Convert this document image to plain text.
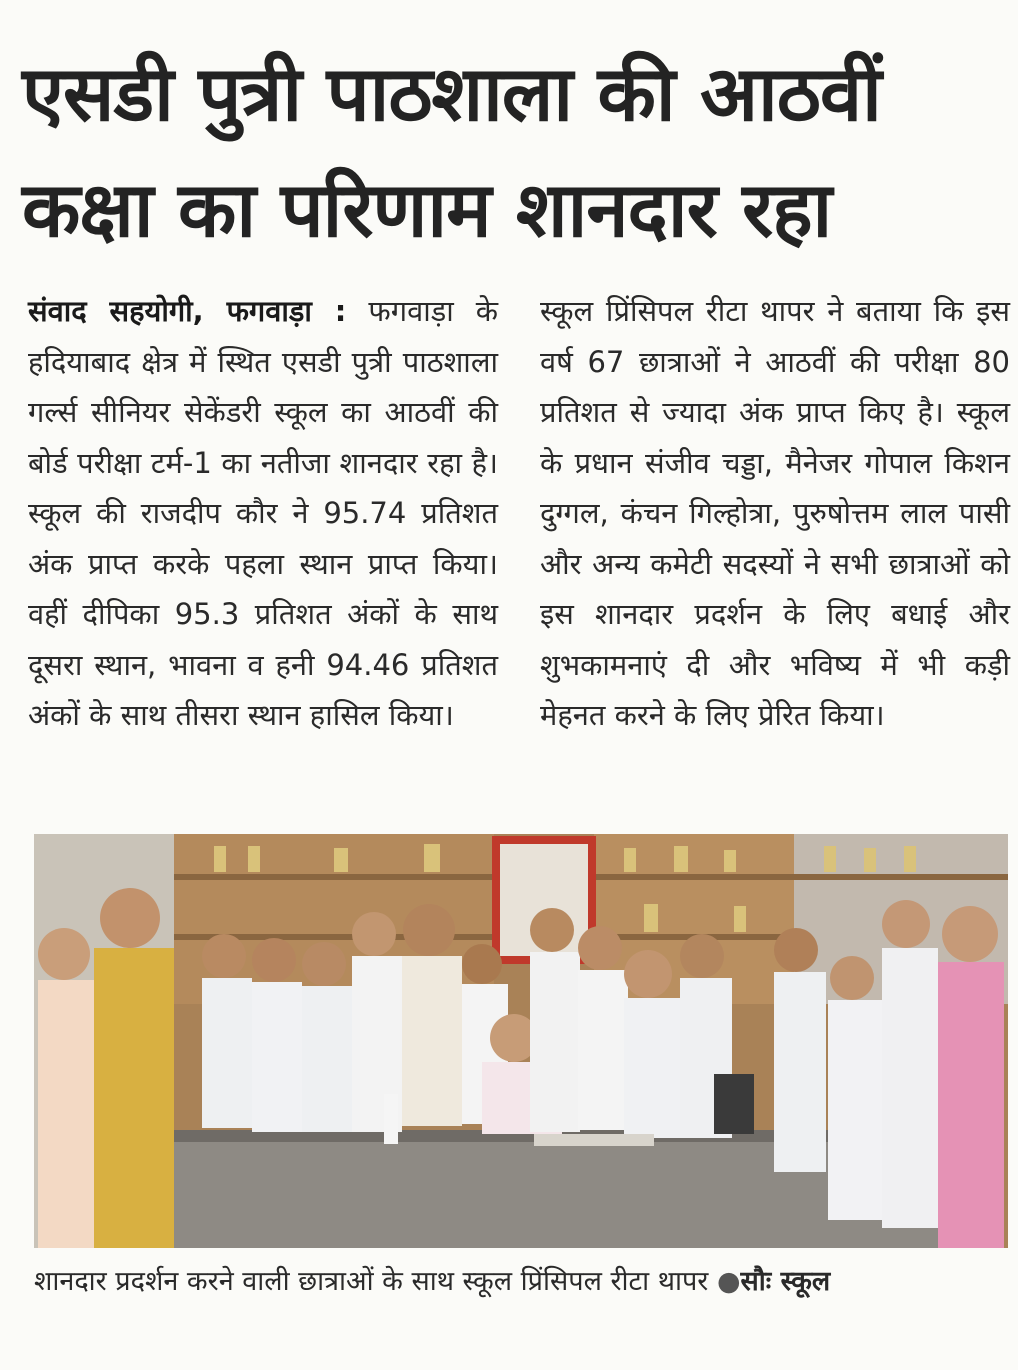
एसडी पुत्री पाठशाला की आठवीं
कक्षा का परिणाम शानदार रहा

संवाद सहयोगी, फगवाड़ा : फगवाड़ा के हदियाबाद क्षेत्र में स्थित एसडी पुत्री पाठशाला गर्ल्स सीनियर सेकेंडरी स्कूल का आठवीं की बोर्ड परीक्षा टर्म-1 का नतीजा शानदार रहा है। स्कूल की राजदीप कौर ने 95.74 प्रतिशत अंक प्राप्त करके पहला स्थान प्राप्त किया। वहीं दीपिका 95.3 प्रतिशत अंकों के साथ दूसरा स्थान, भावना व हनी 94.46 प्रतिशत अंकों के साथ तीसरा स्थान हासिल किया।

स्कूल प्रिंसिपल रीटा थापर ने बताया कि इस वर्ष 67 छात्राओं ने आठवीं की परीक्षा 80 प्रतिशत से ज्यादा अंक प्राप्त किए है। स्कूल के प्रधान संजीव चड्डा, मैनेजर गोपाल किशन दुग्गल, कंचन गिल्होत्रा, पुरुषोत्तम लाल पासी और अन्य कमेटी सदस्यों ने सभी छात्राओं को इस शानदार प्रदर्शन के लिए बधाई और शुभकामनाएं दी और भविष्य में भी कड़ी मेहनत करने के लिए प्रेरित किया।

शानदार प्रदर्शन करने वाली छात्राओं के साथ स्कूल प्रिंसिपल रीटा थापर ●सौः स्कूल
